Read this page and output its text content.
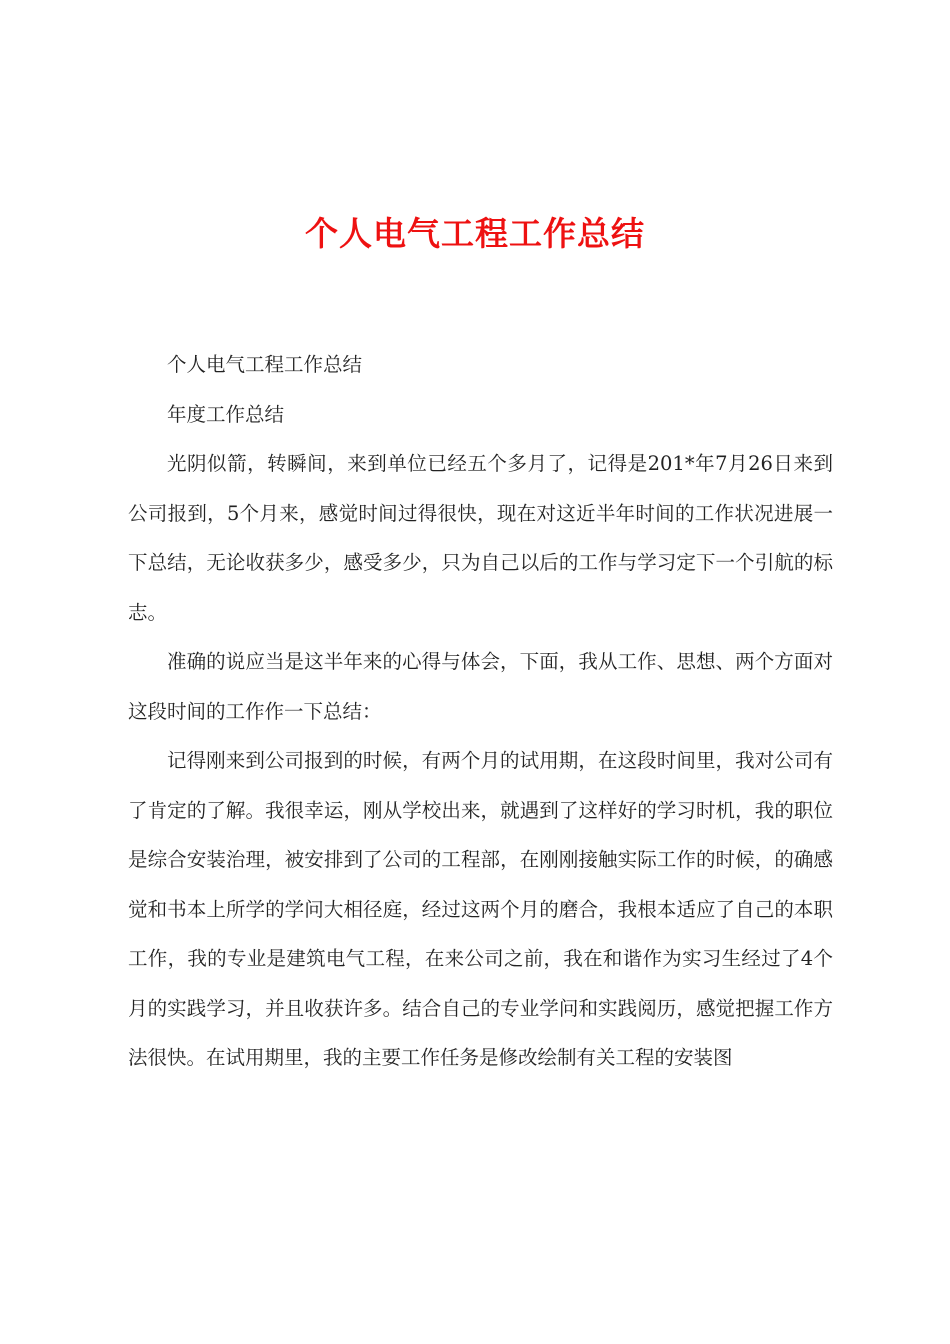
个人电气工程工作总结

个人电气工程工作总结

年度工作总结

光阴似箭，转瞬间，来到单位已经五个多月了，记得是201*年7月26日来到公司报到，5个月来，感觉时间过得很快，现在对这近半年时间的工作状况进展一下总结，无论收获多少，感受多少，只为自己以后的工作与学习定下一个引航的标志。

准确的说应当是这半年来的心得与体会，下面，我从工作、思想、两个方面对这段时间的工作作一下总结：

记得刚来到公司报到的时候，有两个月的试用期，在这段时间里，我对公司有了肯定的了解。我很幸运，刚从学校出来，就遇到了这样好的学习时机，我的职位是综合安装治理，被安排到了公司的工程部，在刚刚接触实际工作的时候，的确感觉和书本上所学的学问大相径庭，经过这两个月的磨合，我根本适应了自己的本职工作，我的专业是建筑电气工程，在来公司之前，我在和谐作为实习生经过了4个月的实践学习，并且收获许多。结合自己的专业学问和实践阅历，感觉把握工作方法很快。在试用期里，我的主要工作任务是修改绘制有关工程的安装图
